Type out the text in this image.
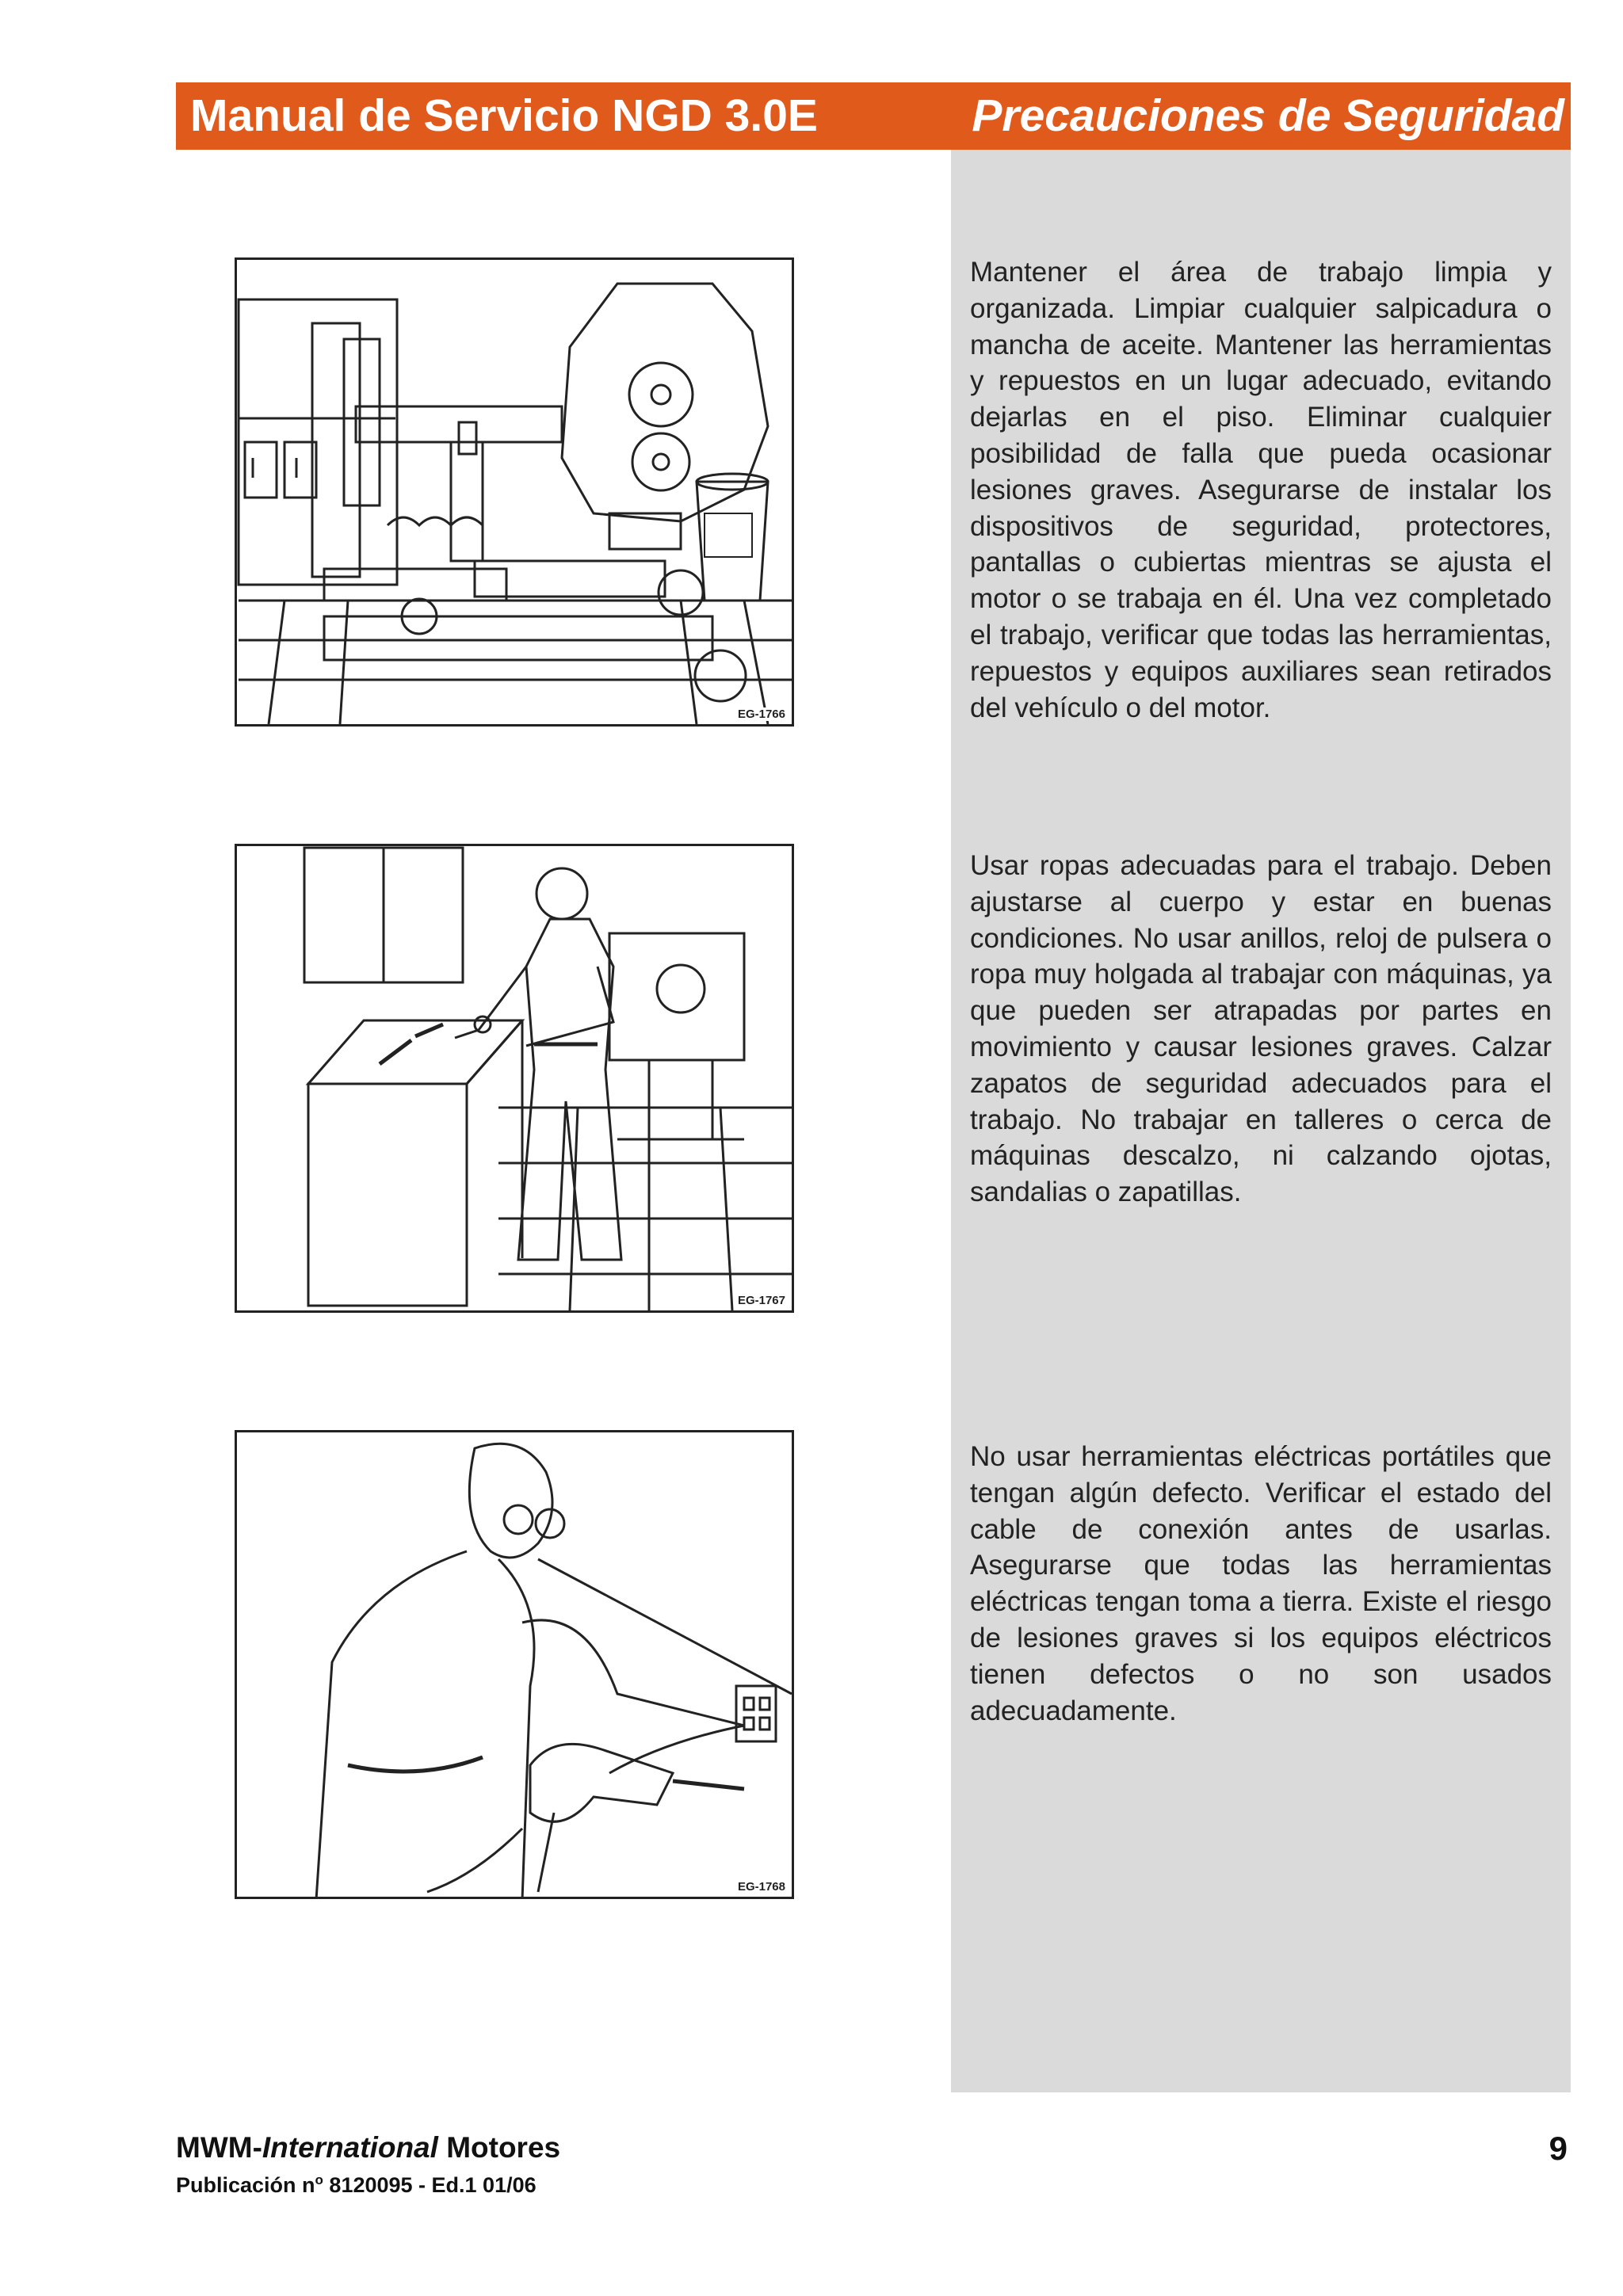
Manual de Servicio NGD 3.0E	Precauciones de Seguridad
EG-1766
EG-1767
EG-1768

Mantener el área de trabajo limpia y organizada. Limpiar cualquier salpicadura o mancha de aceite. Mantener las herramientas y repuestos en un lugar adecuado, evitando dejarlas en el piso. Eliminar cualquier posibilidad de falla que pueda ocasionar lesiones graves. Asegurarse de instalar los dispositivos de seguridad, protectores, pantallas o cubiertas mientras se ajusta el motor o se trabaja en él. Una vez completado el trabajo, verificar que todas las herramientas, repuestos y equipos auxiliares sean retirados del vehículo o del motor.

Usar ropas adecuadas para el trabajo. Deben ajustarse al cuerpo y estar en buenas condiciones. No usar anillos, reloj de pulsera o ropa muy holgada al trabajar con máquinas, ya que pueden ser atrapadas por partes en movimiento y causar lesiones graves. Calzar zapatos de seguridad adecuados para el trabajo. No trabajar en talleres o cerca de máquinas descalzo, ni calzando ojotas, sandalias o zapatillas.

No usar herramientas eléctricas portátiles que tengan algún defecto. Verificar el estado del cable de conexión antes de usarlas. Asegurarse que todas las herramientas eléctricas tengan toma a tierra. Existe el riesgo de lesiones graves si los equipos eléctricos tienen defectos o no son usados adecuadamente.

MWM-International Motores
Publicación $n^o$ 8120095 - Ed.1 01/06
9
